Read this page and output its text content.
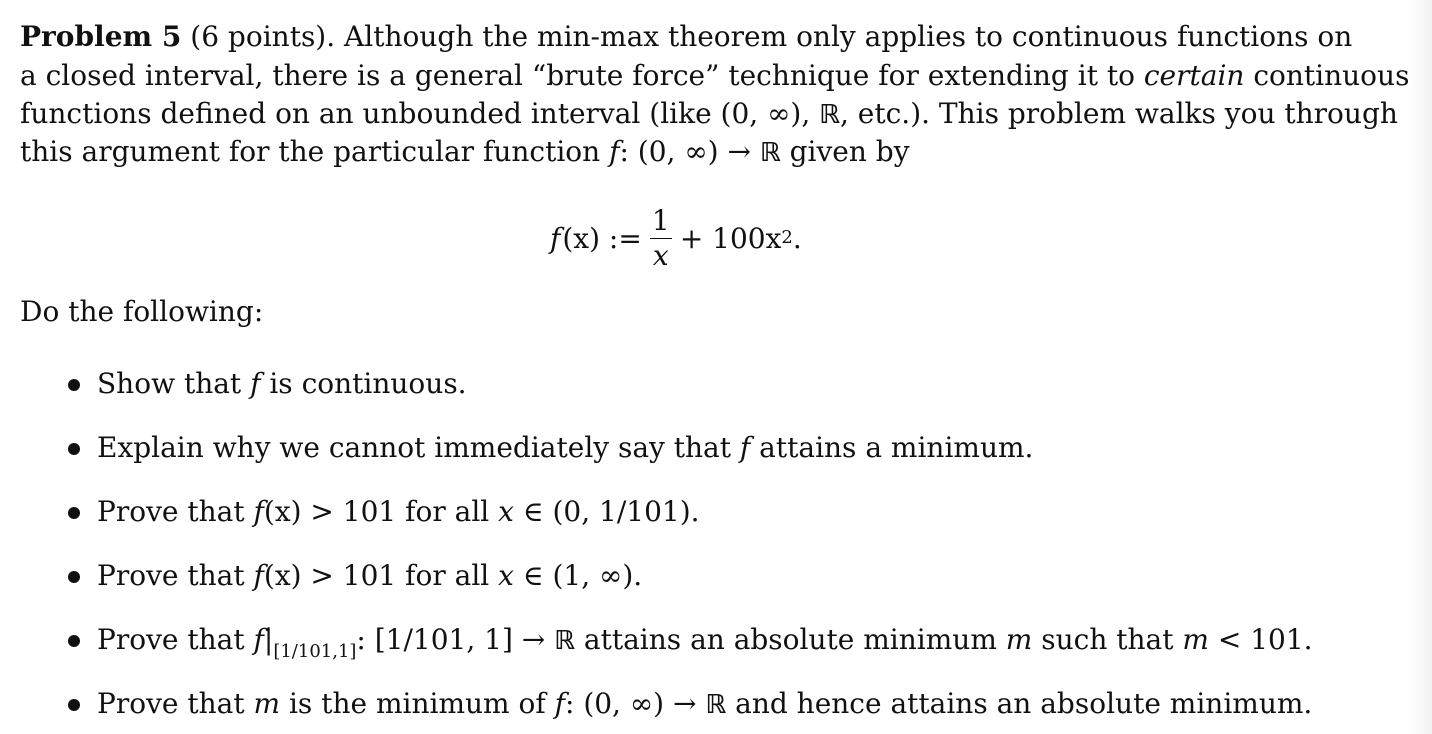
Problem 5 (6 points). Although the min-max theorem only applies to continuous functions on
a closed interval, there is a general “brute force” technique for extending it to certain continuous
functions defined on an unbounded interval (like (0, ∞), ℝ, etc.). This problem walks you through
this argument for the particular function f: (0, ∞) → ℝ given by
f (x) := $\frac{1}{x} + 100x$ 2 .
Do the following:
Show that f is continuous.
Explain why we cannot immediately say that f attains a minimum.
Prove that f(x) > 101 for all x ∈ (0, 1/101).
Prove that f(x) > 101 for all x ∈ (1, ∞).
Prove that $f|_{[1/101,1]}$: [1/101, 1] → ℝ attains an absolute minimum m such that m < 101.
Prove that m is the minimum of f: (0, ∞) → ℝ and hence attains an absolute minimum.
